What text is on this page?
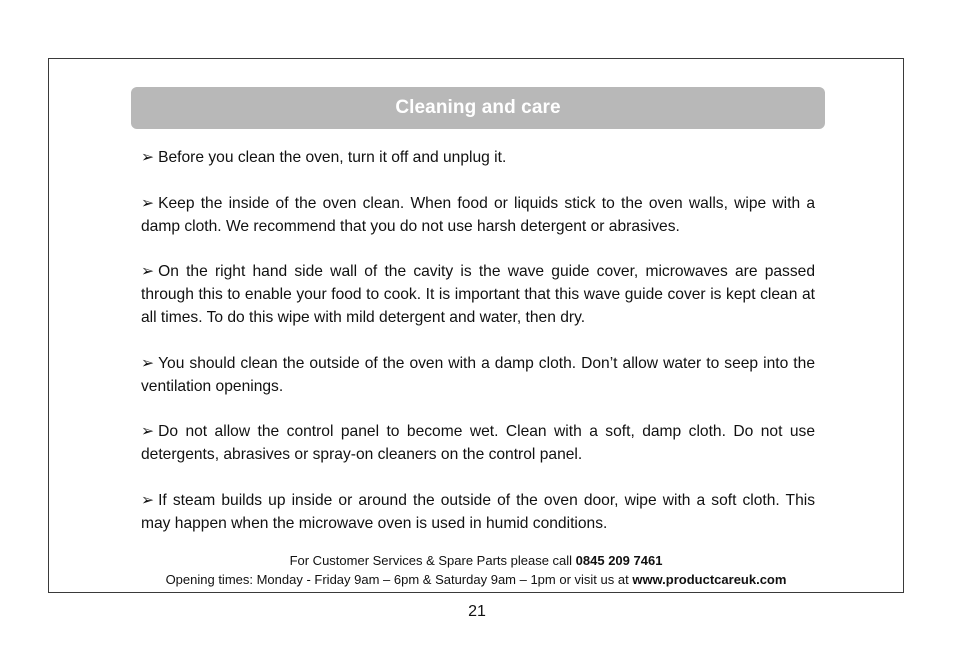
Cleaning and care

➢ Before you clean the oven, turn it off and unplug it.

➢ Keep the inside of the oven clean. When food or liquids stick to the oven walls, wipe with a damp cloth. We recommend that you do not use harsh detergent or abrasives.

➢ On the right hand side wall of the cavity is the wave guide cover, microwaves are passed through this to enable your food to cook. It is important that this wave guide cover is kept clean at all times. To do this wipe with mild detergent and water, then dry.

➢ You should clean the outside of the oven with a damp cloth. Don’t allow water to seep into the ventilation openings.

➢ Do not allow the control panel to become wet. Clean with a soft, damp cloth. Do not use detergents, abrasives or spray-on cleaners on the control panel.

➢ If steam builds up inside or around the outside of the oven door, wipe with a soft cloth. This may happen when the microwave oven is used in humid conditions.

For Customer Services & Spare Parts please call 0845 209 7461
Opening times: Monday - Friday 9am – 6pm & Saturday 9am – 1pm or visit us at www.productcareuk.com
21
